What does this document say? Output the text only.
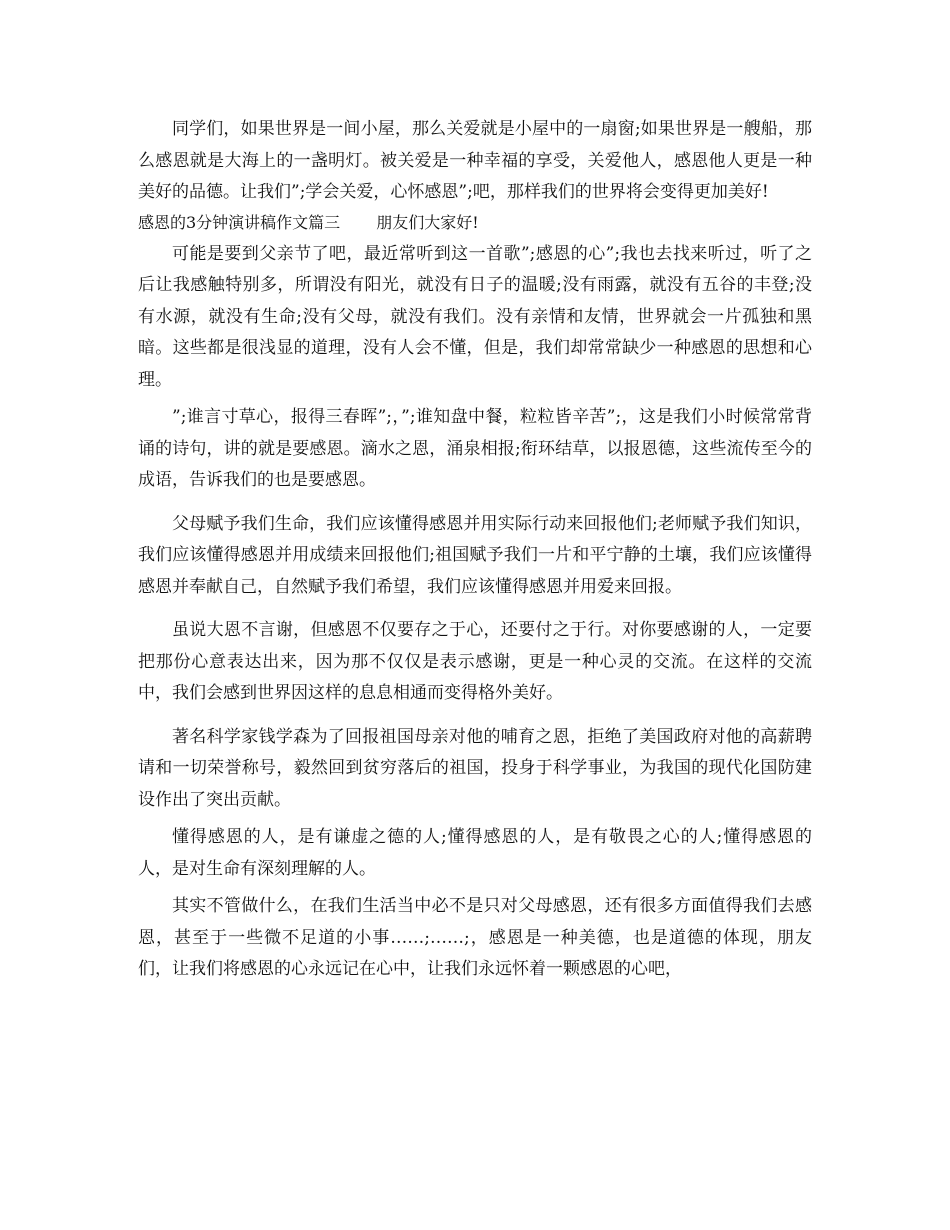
同学们，如果世界是一间小屋，那么关爱就是小屋中的一扇窗;如果世界是一艘船，那么感恩就是大海上的一盏明灯。被关爱是一种幸福的享受，关爱他人，感恩他人更是一种美好的品德。让我们”;学会关爱，心怀感恩”;吧，那样我们的世界将会变得更加美好!

感恩的3分钟演讲稿作文篇三 朋友们大家好!

可能是要到父亲节了吧，最近常听到这一首歌”;感恩的心”;我也去找来听过，听了之后让我感触特别多，所谓没有阳光，就没有日子的温暖;没有雨露，就没有五谷的丰登;没有水源，就没有生命;没有父母，就没有我们。没有亲情和友情，世界就会一片孤独和黑暗。这些都是很浅显的道理，没有人会不懂，但是，我们却常常缺少一种感恩的思想和心理。

”;谁言寸草心，报得三春晖”;，”;谁知盘中餐，粒粒皆辛苦”;，这是我们小时候常常背诵的诗句，讲的就是要感恩。滴水之恩，涌泉相报;衔环结草，以报恩德，这些流传至今的成语，告诉我们的也是要感恩。

父母赋予我们生命，我们应该懂得感恩并用实际行动来回报他们;老师赋予我们知识，我们应该懂得感恩并用成绩来回报他们;祖国赋予我们一片和平宁静的土壤，我们应该懂得感恩并奉献自己，自然赋予我们希望，我们应该懂得感恩并用爱来回报。

虽说大恩不言谢，但感恩不仅要存之于心，还要付之于行。对你要感谢的人，一定要把那份心意表达出来，因为那不仅仅是表示感谢，更是一种心灵的交流。在这样的交流中，我们会感到世界因这样的息息相通而变得格外美好。

著名科学家钱学森为了回报祖国母亲对他的哺育之恩，拒绝了美国政府对他的高薪聘请和一切荣誉称号，毅然回到贫穷落后的祖国，投身于科学事业，为我国的现代化国防建设作出了突出贡献。

懂得感恩的人，是有谦虚之德的人;懂得感恩的人，是有敬畏之心的人;懂得感恩的人，是对生命有深刻理解的人。

其实不管做什么，在我们生活当中必不是只对父母感恩，还有很多方面值得我们去感恩，甚至于一些微不足道的小事……;……;，感恩是一种美德，也是道德的体现，朋友们，让我们将感恩的心永远记在心中，让我们永远怀着一颗感恩的心吧，
